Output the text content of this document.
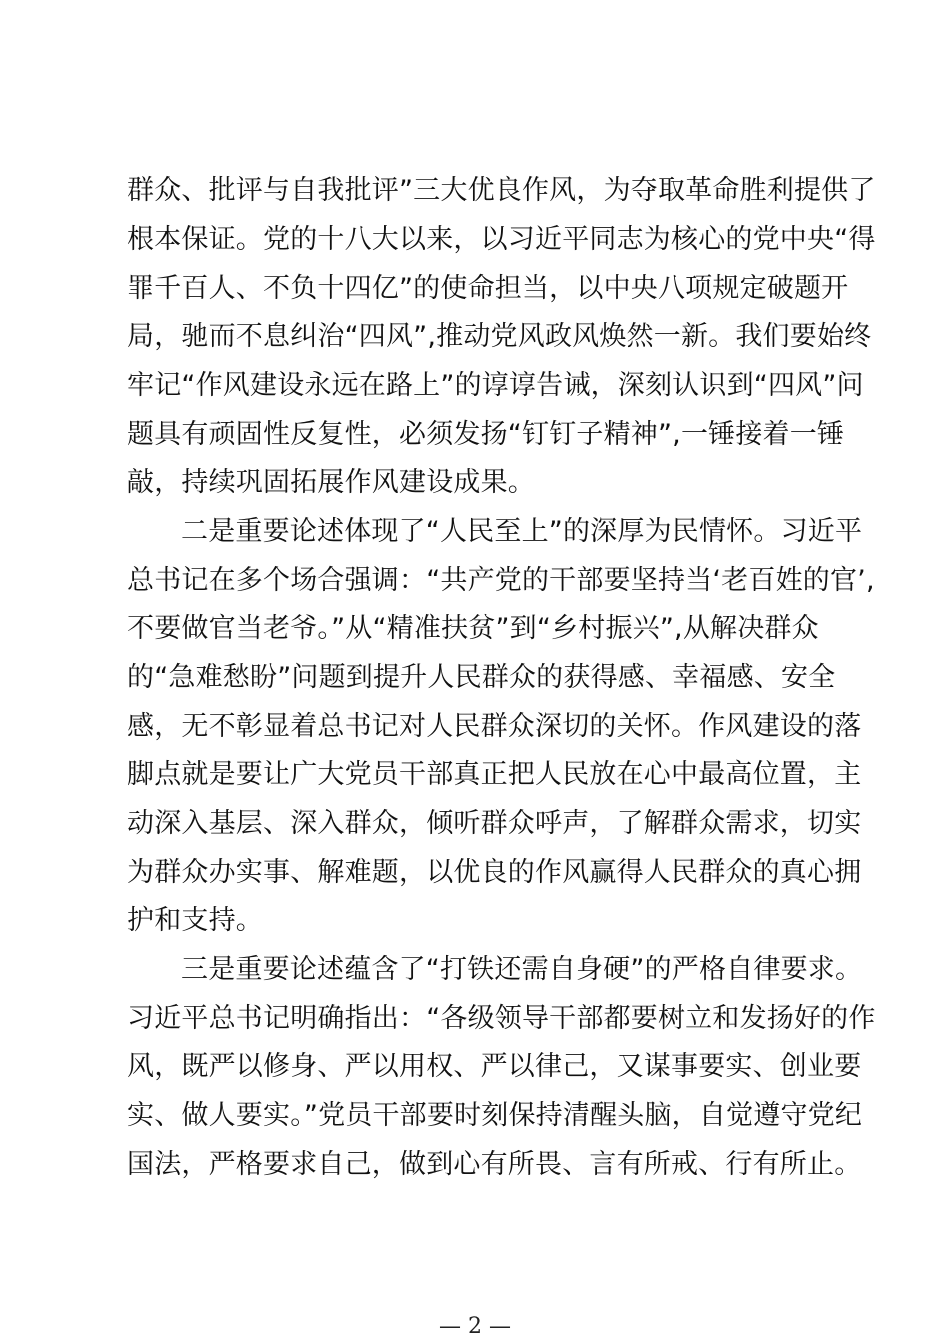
群众、批评与自我批评”三大优良作风，为夺取革命胜利提供了
根本保证。党的十八大以来，以习近平同志为核心的党中央“得
罪千百人、不负十四亿”的使命担当，以中央八项规定破题开
局，驰而不息纠治“四风”,推动党风政风焕然一新。我们要始终
牢记“作风建设永远在路上”的谆谆告诫，深刻认识到“四风”问
题具有顽固性反复性，必须发扬“钉钉子精神”,一锤接着一锤
敲，持续巩固拓展作风建设成果。
二是重要论述体现了“人民至上”的深厚为民情怀。习近平
总书记在多个场合强调：“共产党的干部要坚持当‘老百姓的官’,
不要做官当老爷。”从“精准扶贫”到“乡村振兴”,从解决群众
的“急难愁盼”问题到提升人民群众的获得感、幸福感、安全
感，无不彰显着总书记对人民群众深切的关怀。作风建设的落
脚点就是要让广大党员干部真正把人民放在心中最高位置，主
动深入基层、深入群众，倾听群众呼声，了解群众需求，切实
为群众办实事、解难题，以优良的作风赢得人民群众的真心拥
护和支持。
三是重要论述蕴含了“打铁还需自身硬”的严格自律要求。
习近平总书记明确指出：“各级领导干部都要树立和发扬好的作
风，既严以修身、严以用权、严以律己，又谋事要实、创业要
实、做人要实。”党员干部要时刻保持清醒头脑，自觉遵守党纪
国法，严格要求自己，做到心有所畏、言有所戒、行有所止。
— 2 —
